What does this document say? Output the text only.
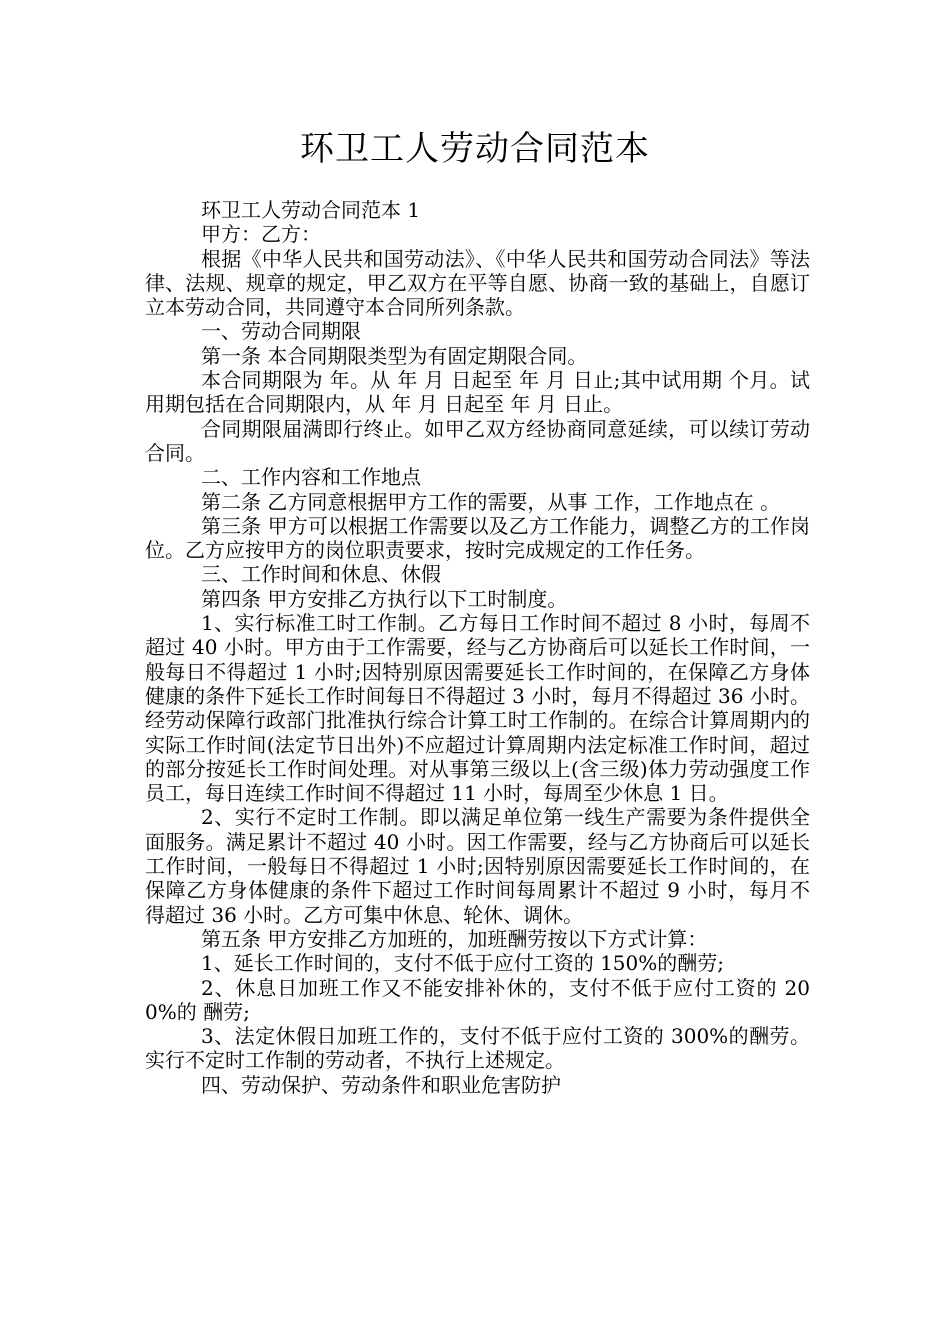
环卫工人劳动合同范本

环卫工人劳动合同范本 1

甲方：乙方：

根据《中华人民共和国劳动法》、《中华人民共和国劳动合同法》等法律、法规、规章的规定，甲乙双方在平等自愿、协商一致的基础上，自愿订立本劳动合同，共同遵守本合同所列条款。

一、劳动合同期限

第一条 本合同期限类型为有固定期限合同。

本合同期限为 年。从 年 月 日起至 年 月 日止;其中试用期 个月。试用期包括在合同期限内，从 年 月 日起至 年 月 日止。

合同期限届满即行终止。如甲乙双方经协商同意延续，可以续订劳动合同。

二、工作内容和工作地点

第二条 乙方同意根据甲方工作的需要，从事 工作，工作地点在 。

第三条 甲方可以根据工作需要以及乙方工作能力，调整乙方的工作岗 位。乙方应按甲方的岗位职责要求，按时完成规定的工作任务。

三、工作时间和休息、休假

第四条 甲方安排乙方执行以下工时制度。

1、实行标准工时工作制。乙方每日工作时间不超过 8 小时，每周不超过 40 小时。甲方由于工作需要，经与乙方协商后可以延长工作时间，一般每日不得超过 1 小时;因特别原因需要延长工作时间的，在保障乙方身体健康的条件下延长工作时间每日不得超过 3 小时，每月不得超过 36 小时。经劳动保障行政部门批准执行综合计算工时工作制的。在综合计算周期内的实际工作时间(法定节日出外)不应超过计算周期内法定标准工作时间，超过的部分按延长工作时间处理。对从事第三级以上(含三级)体力劳动强度工作员工，每日连续工作时间不得超过 11 小时，每周至少休息 1 日。

2、实行不定时工作制。即以满足单位第一线生产需要为条件提供全面服务。满足累计不超过 40 小时。因工作需要，经与乙方协商后可以延长工作时间，一般每日不得超过 1 小时;因特别原因需要延长工作时间的，在保障乙方身体健康的条件下超过工作时间每周累计不超过 9 小时，每月不得超过 36 小时。乙方可集中休息、轮休、调休。

第五条 甲方安排乙方加班的，加班酬劳按以下方式计算：

1、延长工作时间的，支付不低于应付工资的 150%的酬劳;

2、休息日加班工作又不能安排补休的，支付不低于应付工资的 200%的 酬劳;

3、法定休假日加班工作的，支付不低于应付工资的 300%的酬劳。 实行不定时工作制的劳动者，不执行上述规定。

四、劳动保护、劳动条件和职业危害防护
